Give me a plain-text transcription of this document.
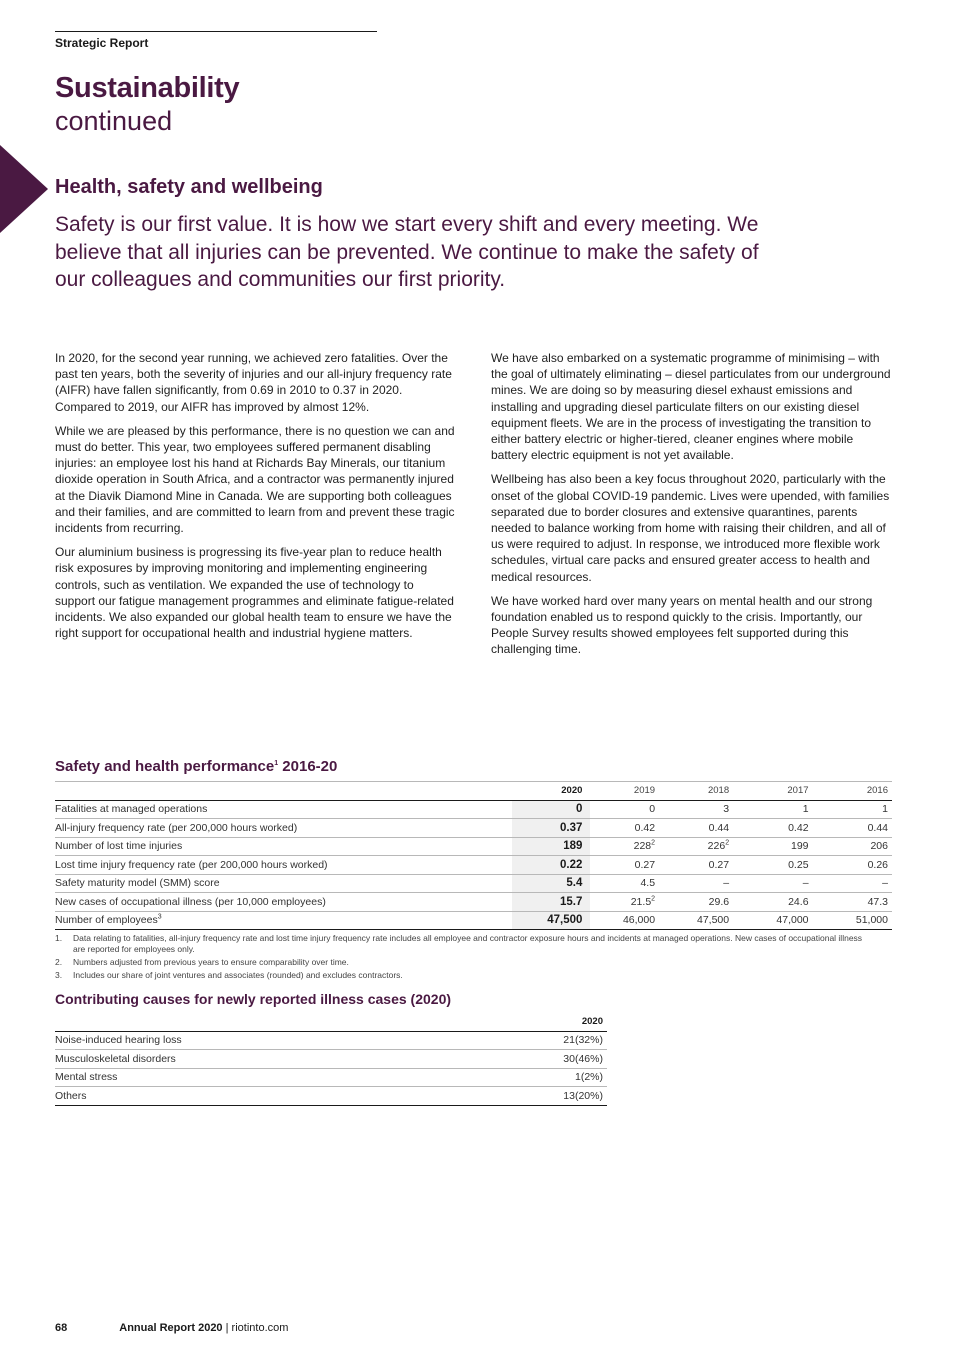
Strategic Report
Sustainability
continued
Health, safety and wellbeing

Safety is our first value. It is how we start every shift and every meeting. We believe that all injuries can be prevented. We continue to make the safety of our colleagues and communities our first priority.

In 2020, for the second year running, we achieved zero fatalities. Over the past ten years, both the severity of injuries and our all-injury frequency rate (AIFR) have fallen significantly, from 0.69 in 2010 to 0.37 in 2020. Compared to 2019, our AIFR has improved by almost 12%.

While we are pleased by this performance, there is no question we can and must do better. This year, two employees suffered permanent disabling injuries: an employee lost his hand at Richards Bay Minerals, our titanium dioxide operation in South Africa, and a contractor was permanently injured at the Diavik Diamond Mine in Canada. We are supporting both colleagues and their families, and are committed to learn from and prevent these tragic incidents from recurring.

Our aluminium business is progressing its five-year plan to reduce health risk exposures by improving monitoring and implementing engineering controls, such as ventilation. We expanded the use of technology to support our fatigue management programmes and eliminate fatigue-related incidents. We also expanded our global health team to ensure we have the right support for occupational health and industrial hygiene matters.

We have also embarked on a systematic programme of minimising – with the goal of ultimately eliminating – diesel particulates from our underground mines. We are doing so by measuring diesel exhaust emissions and installing and upgrading diesel particulate filters on our existing diesel equipment fleets. We are in the process of investigating the transition to either battery electric or higher-tiered, cleaner engines where mobile battery electric equipment is not yet available.

Wellbeing has also been a key focus throughout 2020, particularly with the onset of the global COVID-19 pandemic. Lives were upended, with families separated due to border closures and extensive quarantines, parents needed to balance working from home with raising their children, and all of us were required to adjust. In response, we introduced more flexible work schedules, virtual care packs and ensured greater access to health and medical resources.

We have worked hard over many years on mental health and our strong foundation enabled us to respond quickly to the crisis. Importantly, our People Survey results showed employees felt supported during this challenging time.

Safety and health performance$^1$ 2016-20
	2020	2019	2018	2017	2016
Fatalities at managed operations	0	0	3	1	1
All-injury frequency rate (per 200,000 hours worked)	0.37	0.42	0.44	0.42	0.44
Number of lost time injuries	189	$228^2$	$226^2$	199	206
Lost time injury frequency rate (per 200,000 hours worked)	0.22	0.27	0.27	0.25	0.26
Safety maturity model (SMM) score	5.4	4.5	–	–	–
New cases of occupational illness (per 10,000 employees)	15.7	21.5$^2$	29.6	24.6	47.3
Number of employees$^3$	47,500	46,000	47,500	47,000	51,000
1.	Data relating to fatalities, all-injury frequency rate and lost time injury frequency rate includes all employee and contractor exposure hours and incidents at managed operations. New cases of occupational illness are reported for employees only.
2.	Numbers adjusted from previous years to ensure comparability over time.
3.	Includes our share of joint ventures and associates (rounded) and excludes contractors.
Contributing causes for newly reported illness cases (2020)
	2020
Noise-induced hearing loss	21(32%)
Musculoskeletal disorders	30(46%)
Mental stress	1(2%)
Others	13(20%)
68	Annual Report 2020 | riotinto.com
